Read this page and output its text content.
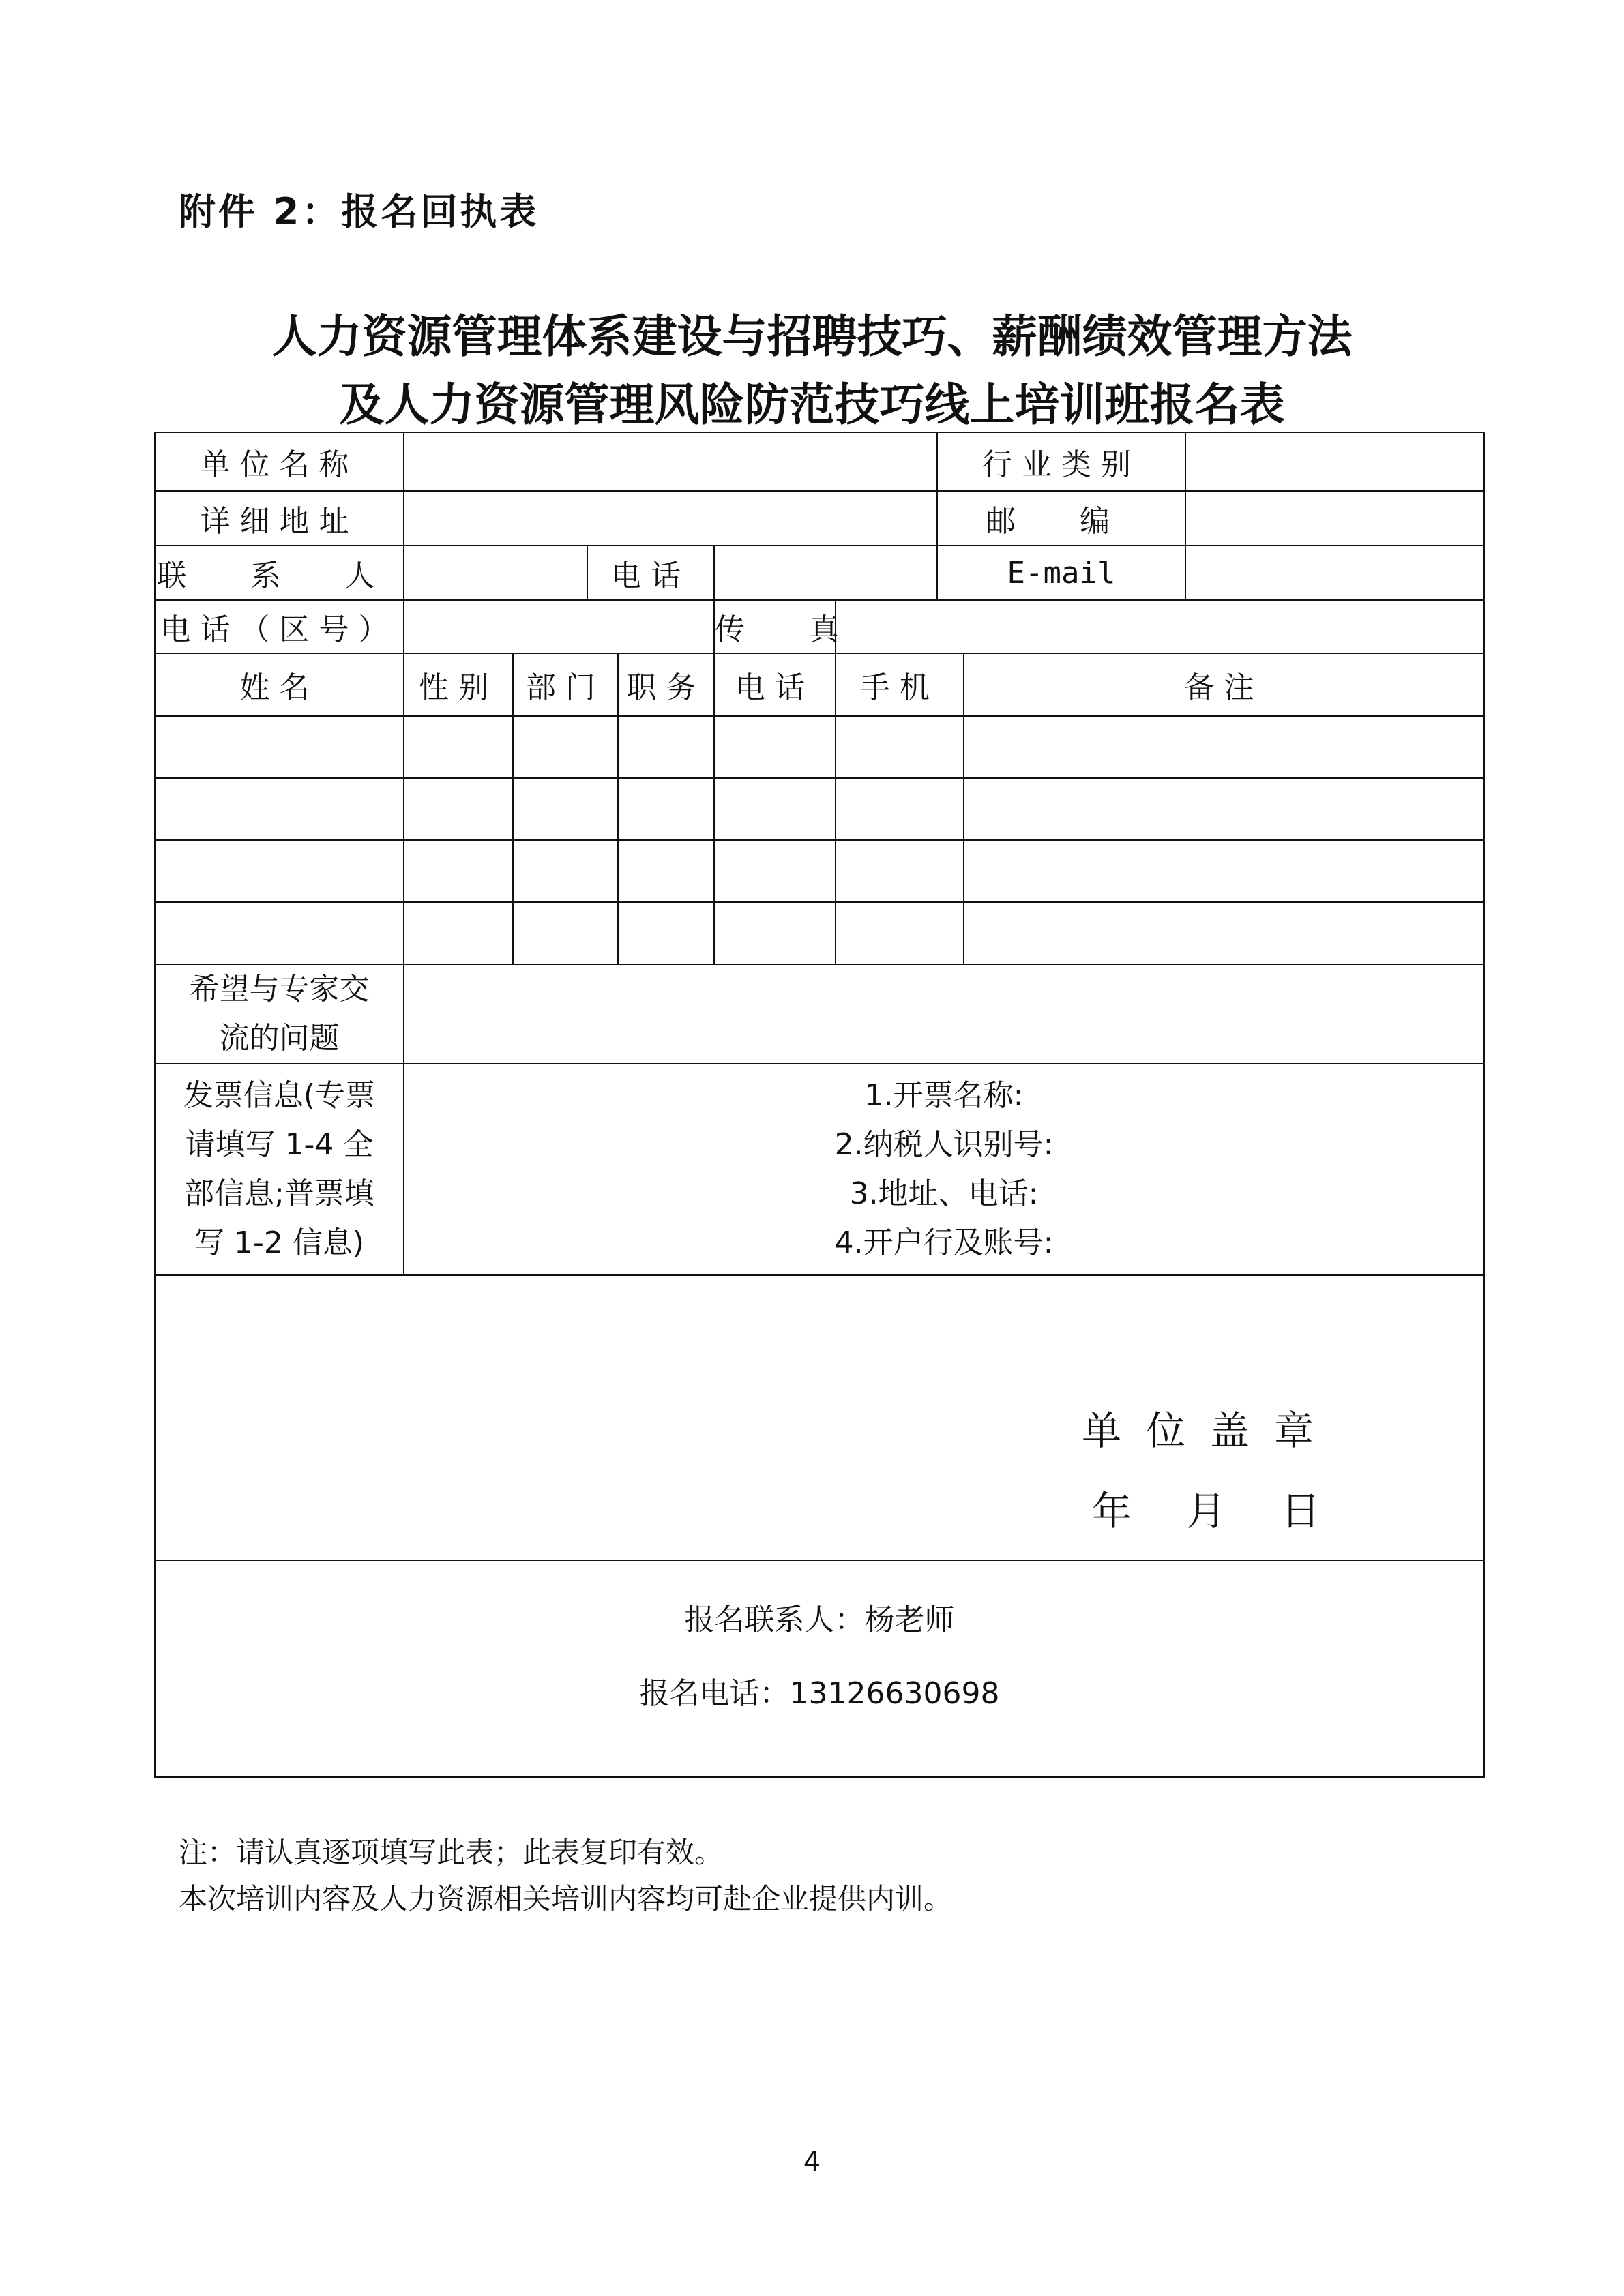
附件 2：报名回执表
人力资源管理体系建设与招聘技巧、薪酬绩效管理方法
及人力资源管理风险防范技巧线上培训班报名表
单位名称							行业类别		
详细地址							邮 编		
联 系 人			电话				E-mail		
电话（区号）					传 真				
姓名	性别	部门		职务	电话	手机		备注	

希望与专家交
流的问题									

发票信息(专票
请填写 1-4 全
部信息;普票填
写 1-2 信息)	1.开票名称:
2.纳税人识别号:
3.地址、电话:
4.开户行及账号:								

单位盖章
年 月 日									

报名联系人：杨老师
报名电话：13126630698									
注：请认真逐项填写此表；此表复印有效。
本次培训内容及人力资源相关培训内容均可赴企业提供内训。
4
